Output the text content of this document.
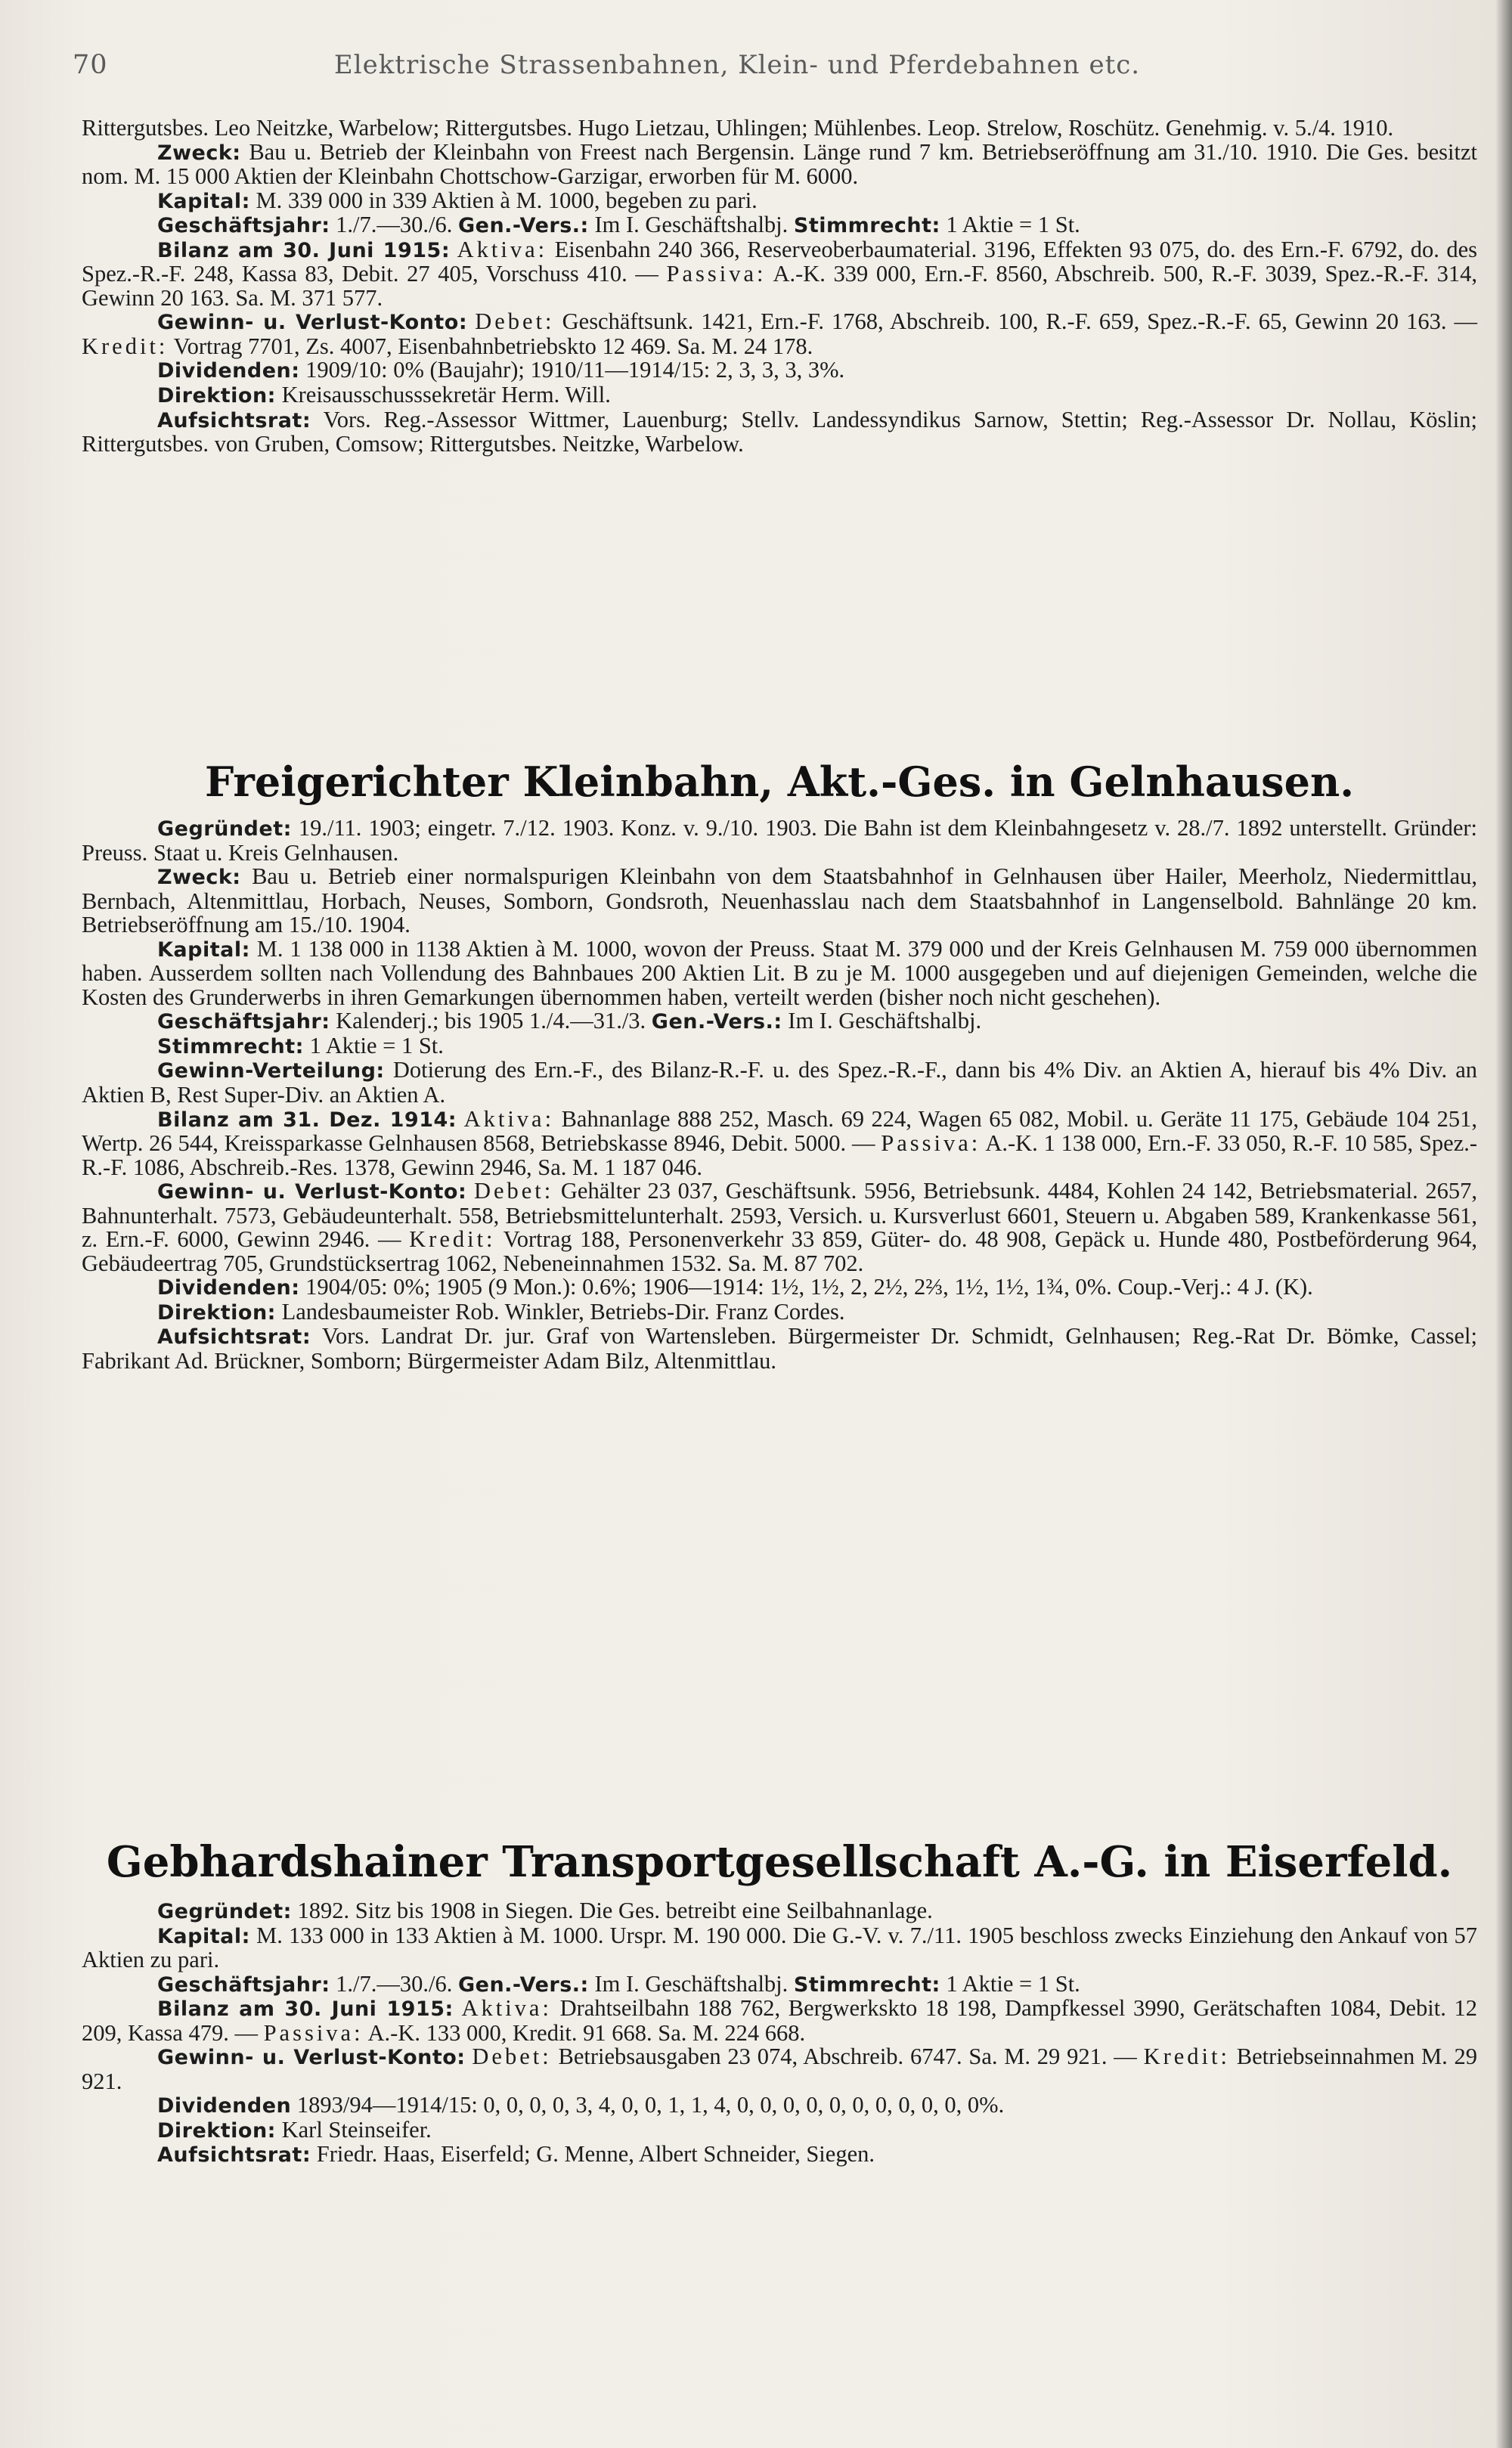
70	Elektrische Strassenbahnen, Klein- und Pferdebahnen etc.

Rittergutsbes. Leo Neitzke, Warbelow; Rittergutsbes. Hugo Lietzau, Uhlingen; Mühlenbes. Leop. Strelow, Roschütz. Genehmig. v. 5./4. 1910.

Zweck: Bau u. Betrieb der Kleinbahn von Freest nach Bergensin. Länge rund 7 km. Betriebseröffnung am 31./10. 1910. Die Ges. besitzt nom. M. 15 000 Aktien der Kleinbahn Chottschow-Garzigar, erworben für M. 6000.

Kapital: M. 339 000 in 339 Aktien à M. 1000, begeben zu pari.

Geschäftsjahr: 1./7.—30./6. Gen.-Vers.: Im I. Geschäftshalbj. Stimmrecht: 1 Aktie = 1 St.

Bilanz am 30. Juni 1915: Aktiva: Eisenbahn 240 366, Reserveoberbaumaterial. 3196, Effekten 93 075, do. des Ern.-F. 6792, do. des Spez.-R.-F. 248, Kassa 83, Debit. 27 405, Vorschuss 410. — Passiva: A.-K. 339 000, Ern.-F. 8560, Abschreib. 500, R.-F. 3039, Spez.-R.-F. 314, Gewinn 20 163. Sa. M. 371 577.

Gewinn- u. Verlust-Konto: Debet: Geschäftsunk. 1421, Ern.-F. 1768, Abschreib. 100, R.-F. 659, Spez.-R.-F. 65, Gewinn 20 163. — Kredit: Vortrag 7701, Zs. 4007, Eisenbahnbetriebskto 12 469. Sa. M. 24 178.

Dividenden: 1909/10: 0% (Baujahr); 1910/11—1914/15: 2, 3, 3, 3, 3%.

Direktion: Kreisausschusssekretär Herm. Will.

Aufsichtsrat: Vors. Reg.-Assessor Wittmer, Lauenburg; Stellv. Landessyndikus Sarnow, Stettin; Reg.-Assessor Dr. Nollau, Köslin; Rittergutsbes. von Gruben, Comsow; Rittergutsbes. Neitzke, Warbelow.

Freigerichter Kleinbahn, Akt.-Ges. in Gelnhausen.

Gegründet: 19./11. 1903; eingetr. 7./12. 1903. Konz. v. 9./10. 1903. Die Bahn ist dem Kleinbahngesetz v. 28./7. 1892 unterstellt. Gründer: Preuss. Staat u. Kreis Gelnhausen.

Zweck: Bau u. Betrieb einer normalspurigen Kleinbahn von dem Staatsbahnhof in Gelnhausen über Hailer, Meerholz, Niedermittlau, Bernbach, Altenmittlau, Horbach, Neuses, Somborn, Gondsroth, Neuenhasslau nach dem Staatsbahnhof in Langenselbold. Bahnlänge 20 km. Betriebseröffnung am 15./10. 1904.

Kapital: M. 1 138 000 in 1138 Aktien à M. 1000, wovon der Preuss. Staat M. 379 000 und der Kreis Gelnhausen M. 759 000 übernommen haben. Ausserdem sollten nach Vollendung des Bahnbaues 200 Aktien Lit. B zu je M. 1000 ausgegeben und auf diejenigen Gemeinden, welche die Kosten des Grunderwerbs in ihren Gemarkungen übernommen haben, verteilt werden (bisher noch nicht geschehen).

Geschäftsjahr: Kalenderj.; bis 1905 1./4.—31./3. Gen.-Vers.: Im I. Geschäftshalbj.

Stimmrecht: 1 Aktie = 1 St.

Gewinn-Verteilung: Dotierung des Ern.-F., des Bilanz-R.-F. u. des Spez.-R.-F., dann bis 4% Div. an Aktien A, hierauf bis 4% Div. an Aktien B, Rest Super-Div. an Aktien A.

Bilanz am 31. Dez. 1914: Aktiva: Bahnanlage 888 252, Masch. 69 224, Wagen 65 082, Mobil. u. Geräte 11 175, Gebäude 104 251, Wertp. 26 544, Kreissparkasse Gelnhausen 8568, Betriebskasse 8946, Debit. 5000. — Passiva: A.-K. 1 138 000, Ern.-F. 33 050, R.-F. 10 585, Spez.-R.-F. 1086, Abschreib.-Res. 1378, Gewinn 2946, Sa. M. 1 187 046.

Gewinn- u. Verlust-Konto: Debet: Gehälter 23 037, Geschäftsunk. 5956, Betriebsunk. 4484, Kohlen 24 142, Betriebsmaterial. 2657, Bahnunterhalt. 7573, Gebäudeunterhalt. 558, Betriebsmittelunterhalt. 2593, Versich. u. Kursverlust 6601, Steuern u. Abgaben 589, Krankenkasse 561, z. Ern.-F. 6000, Gewinn 2946. — Kredit: Vortrag 188, Personenverkehr 33 859, Güter- do. 48 908, Gepäck u. Hunde 480, Postbeförderung 964, Gebäudeertrag 705, Grundstücksertrag 1062, Nebeneinnahmen 1532. Sa. M. 87 702.

Dividenden: 1904/05: 0%; 1905 (9 Mon.): 0.6%; 1906—1914: 1½, 1½, 2, 2½, 2⅔, 1½, 1½, 1¾, 0%. Coup.-Verj.: 4 J. (K).

Direktion: Landesbaumeister Rob. Winkler, Betriebs-Dir. Franz Cordes.

Aufsichtsrat: Vors. Landrat Dr. jur. Graf von Wartensleben. Bürgermeister Dr. Schmidt, Gelnhausen; Reg.-Rat Dr. Bömke, Cassel; Fabrikant Ad. Brückner, Somborn; Bürgermeister Adam Bilz, Altenmittlau.

Gebhardshainer Transportgesellschaft A.-G. in Eiserfeld.

Gegründet: 1892. Sitz bis 1908 in Siegen. Die Ges. betreibt eine Seilbahnanlage.

Kapital: M. 133 000 in 133 Aktien à M. 1000. Urspr. M. 190 000. Die G.-V. v. 7./11. 1905 beschloss zwecks Einziehung den Ankauf von 57 Aktien zu pari.

Geschäftsjahr: 1./7.—30./6. Gen.-Vers.: Im I. Geschäftshalbj. Stimmrecht: 1 Aktie = 1 St.

Bilanz am 30. Juni 1915: Aktiva: Drahtseilbahn 188 762, Bergwerkskto 18 198, Dampfkessel 3990, Gerätschaften 1084, Debit. 12 209, Kassa 479. — Passiva: A.-K. 133 000, Kredit. 91 668. Sa. M. 224 668.

Gewinn- u. Verlust-Konto: Debet: Betriebsausgaben 23 074, Abschreib. 6747. Sa. M. 29 921. — Kredit: Betriebseinnahmen M. 29 921.

Dividenden 1893/94—1914/15: 0, 0, 0, 0, 3, 4, 0, 0, 1, 1, 4, 0, 0, 0, 0, 0, 0, 0, 0, 0, 0, 0%.

Direktion: Karl Steinseifer.

Aufsichtsrat: Friedr. Haas, Eiserfeld; G. Menne, Albert Schneider, Siegen.
